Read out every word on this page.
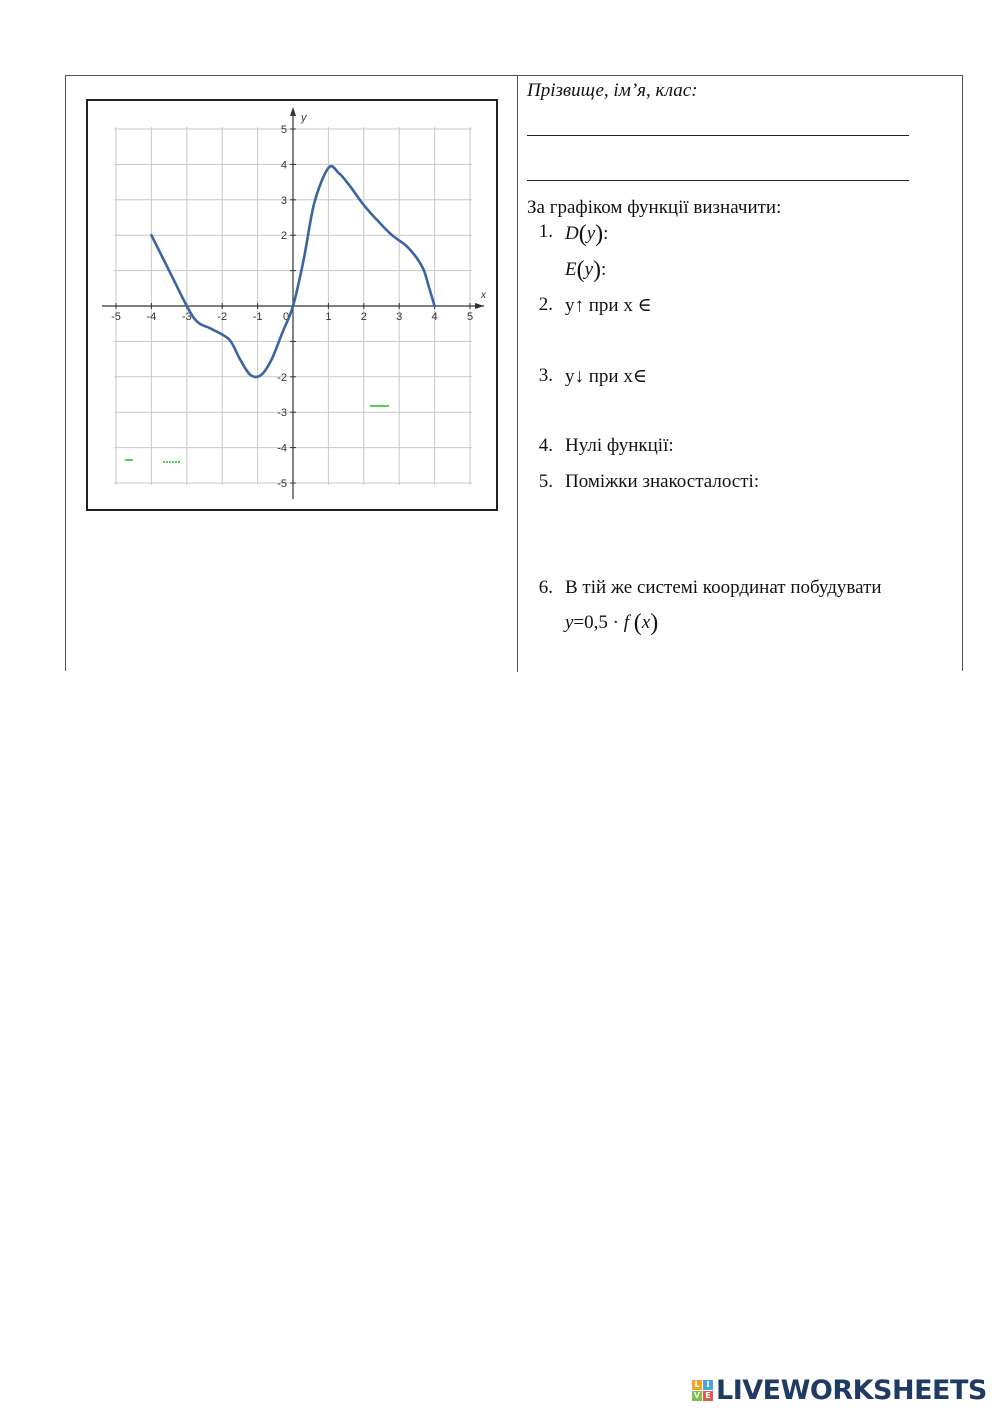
-5 -4 -3 -2 -1 0	1	2	3	4	5
5
4
3
2
-2
-3
-4
-5
x
y
Прізвище, ім’я, клас:
За графіком функції визначити:
1. D(y):
E(y):
2. y↑ при x ∈
3. y↓ при x∈
4. Нулі функції:
5. Поміжки знакосталості:
6. В тій же системі координат побудувати
y=0,5 · f (x)
L I
V E LIVEWORKSHEETS
